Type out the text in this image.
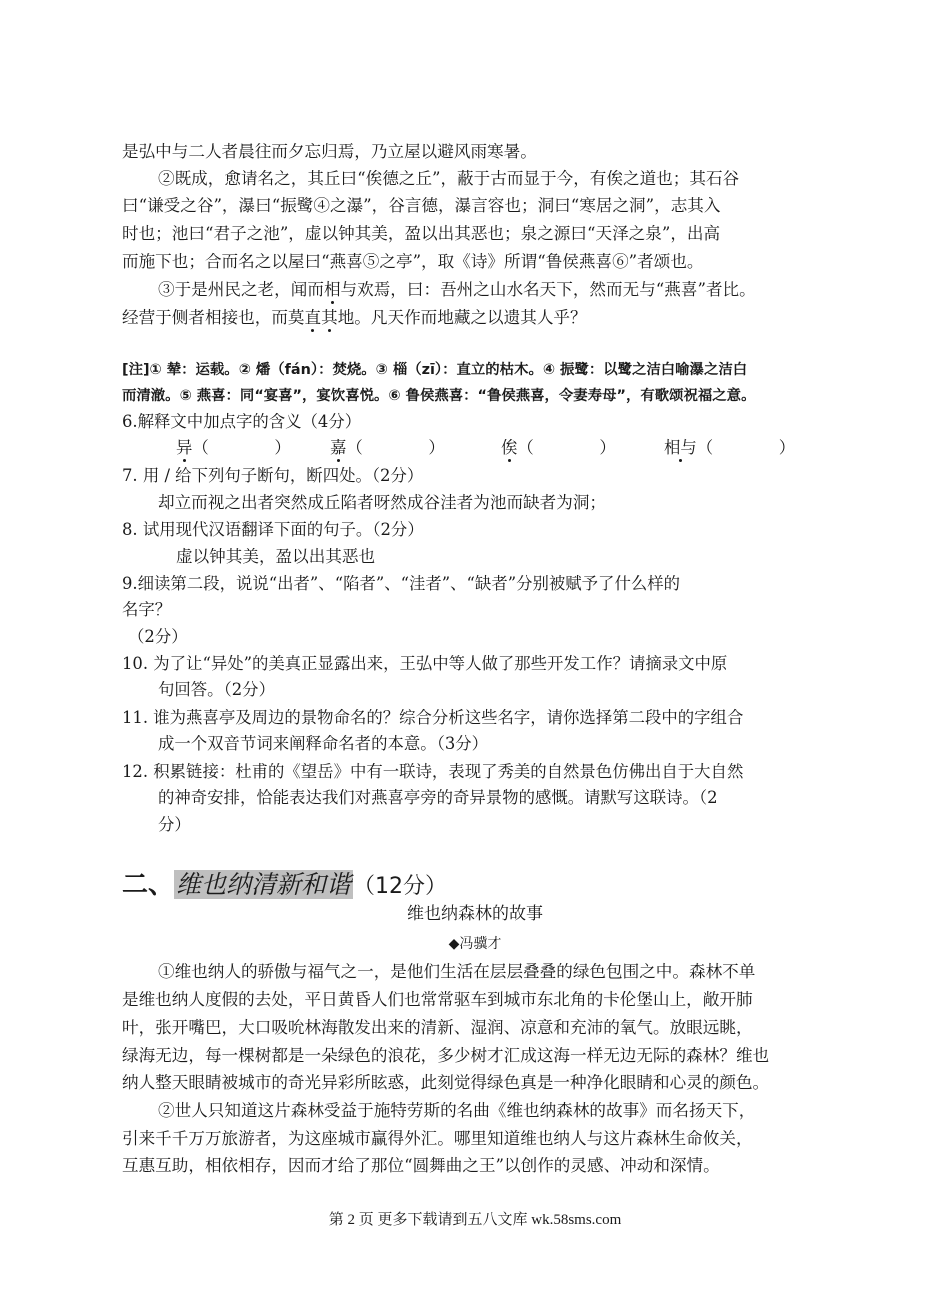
是弘中与二人者晨往而夕忘归焉，乃立屋以避风雨寒暑。
②既成，愈请名之，其丘曰“俟德之丘”，蔽于古而显于今，有俟之道也；其石谷
曰“谦受之谷”，瀑曰“振鹭④之瀑”，谷言德，瀑言容也；洞曰“寒居之洞”，志其入
时也；池曰“君子之池”，虚以钟其美，盈以出其恶也；泉之源曰“天泽之泉”，出高
而施下也；合而名之以屋曰“燕喜⑤之亭”，取《诗》所谓“鲁侯燕喜⑥”者颂也。
③于是州民之老，闻而相与欢焉，曰：吾州之山水名天下，然而无与“燕喜”者比。
经营于侧者相接也，而莫直其地。凡天作而地藏之以遗其人乎？
[注]① 辇：运载。② 燔（fán）：焚烧。③ 椔（zī）：直立的枯木。④ 振鹭：以鹭之洁白喻瀑之洁白
而清澈。⑤ 燕喜：同“宴喜”，宴饮喜悦。⑥ 鲁侯燕喜：“鲁侯燕喜，令妻寿母”，有歌颂祝福之意。
6.解释文中加点字的含义（4分）
异（　　　　） 嘉（　　　　）	俟（　　　　）	相与（　　　　）
7. 用 / 给下列句子断句，断四处。（2分）
却立而视之出者突然成丘陷者呀然成谷洼者为池而缺者为洞；
8. 试用现代汉语翻译下面的句子。（2分）
虚以钟其美，盈以出其恶也
9.细读第二段，说说“出者”、“陷者”、“洼者”、“缺者”分别被赋予了什么样的
名字？
（2分）
10. 为了让“异处”的美真正显露出来，王弘中等人做了那些开发工作？请摘录文中原
句回答。（2分）
11. 谁为燕喜亭及周边的景物命名的？综合分析这些名字，请你选择第二段中的字组合
成一个双音节词来阐释命名者的本意。（3分）
12. 积累链接：杜甫的《望岳》中有一联诗，表现了秀美的自然景色仿佛出自于大自然
的神奇安排，恰能表达我们对燕喜亭旁的奇异景物的感慨。请默写这联诗。（2
分）
二、维也纳清新和谐（12分）
维也纳森林的故事
◆冯骥才
①维也纳人的骄傲与福气之一，是他们生活在层层叠叠的绿色包围之中。森林不单
是维也纳人度假的去处，平日黄昏人们也常常驱车到城市东北角的卡伦堡山上，敞开肺
叶，张开嘴巴，大口吸吮林海散发出来的清新、湿润、凉意和充沛的氧气。放眼远眺，
绿海无边，每一棵树都是一朵绿色的浪花，多少树才汇成这海一样无边无际的森林？维也
纳人整天眼睛被城市的奇光异彩所眩惑，此刻觉得绿色真是一种净化眼睛和心灵的颜色。
②世人只知道这片森林受益于施特劳斯的名曲《维也纳森林的故事》而名扬天下，
引来千千万万旅游者，为这座城市赢得外汇。哪里知道维也纳人与这片森林生命攸关，
互惠互助，相依相存，因而才给了那位“圆舞曲之王”以创作的灵感、冲动和深情。
第 2 页 更多下载请到五八文库 wk.58sms.com
